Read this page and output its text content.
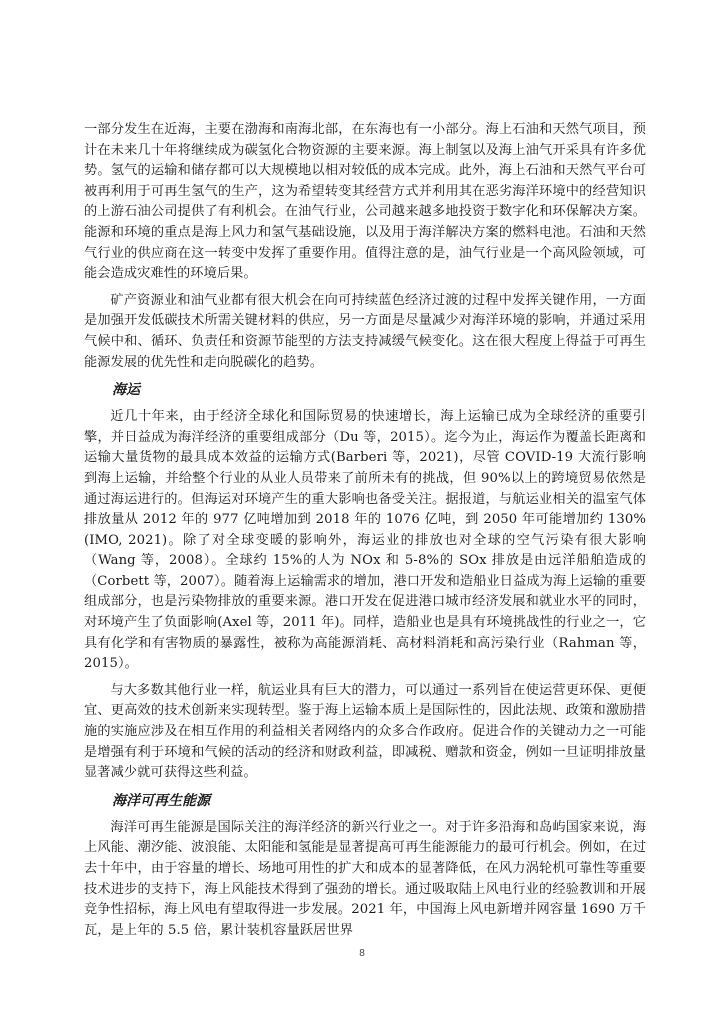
一部分发生在近海，主要在渤海和南海北部，在东海也有一小部分。海上石油和天然气项目，预计在未来几十年将继续成为碳氢化合物资源的主要来源。海上制氢以及海上油气开采具有许多优势。氢气的运输和储存都可以大规模地以相对较低的成本完成。此外，海上石油和天然气平台可被再利用于可再生氢气的生产，这为希望转变其经营方式并利用其在恶劣海洋环境中的经营知识的上游石油公司提供了有利机会。在油气行业，公司越来越多地投资于数字化和环保解决方案。能源和环境的重点是海上风力和氢气基础设施，以及用于海洋解决方案的燃料电池。石油和天然气行业的供应商在这一转变中发挥了重要作用。值得注意的是，油气行业是一个高风险领域，可能会造成灾难性的环境后果。

矿产资源业和油气业都有很大机会在向可持续蓝色经济过渡的过程中发挥关键作用，一方面是加强开发低碳技术所需关键材料的供应，另一方面是尽量减少对海洋环境的影响，并通过采用气候中和、循环、负责任和资源节能型的方法支持减缓气候变化。这在很大程度上得益于可再生能源发展的优先性和走向脱碳化的趋势。

海运

近几十年来，由于经济全球化和国际贸易的快速增长，海上运输已成为全球经济的重要引擎，并日益成为海洋经济的重要组成部分（Du 等，2015）。迄今为止，海运作为覆盖长距离和运输大量货物的最具成本效益的运输方式(Barberi 等，2021)，尽管 COVID-19 大流行影响到海上运输，并给整个行业的从业人员带来了前所未有的挑战，但 90%以上的跨境贸易依然是通过海运进行的。但海运对环境产生的重大影响也备受关注。据报道，与航运业相关的温室气体排放量从 2012 年的 977 亿吨增加到 2018 年的 1076 亿吨，到 2050 年可能增加约 130% (IMO, 2021)。除了对全球变暖的影响外，海运业的排放也对全球的空气污染有很大影响（Wang 等，2008）。全球约 15%的人为 NOx 和 5-8%的 SOx 排放是由远洋船舶造成的（Corbett 等，2007）。随着海上运输需求的增加，港口开发和造船业日益成为海上运输的重要组成部分，也是污染物排放的重要来源。港口开发在促进港口城市经济发展和就业水平的同时，对环境产生了负面影响(Axel 等，2011 年)。同样，造船业也是具有环境挑战性的行业之一，它具有化学和有害物质的暴露性，被称为高能源消耗、高材料消耗和高污染行业（Rahman 等，2015）。

与大多数其他行业一样，航运业具有巨大的潜力，可以通过一系列旨在使运营更环保、更便宜、更高效的技术创新来实现转型。鉴于海上运输本质上是国际性的，因此法规、政策和激励措施的实施应涉及在相互作用的利益相关者网络内的众多合作政府。促进合作的关键动力之一可能是增强有利于环境和气候的活动的经济和财政利益，即减税、赠款和资金，例如一旦证明排放量显著减少就可获得这些利益。

海洋可再生能源

海洋可再生能源是国际关注的海洋经济的新兴行业之一。对于许多沿海和岛屿国家来说，海上风能、潮汐能、波浪能、太阳能和氢能是显著提高可再生能源能力的最可行机会。例如，在过去十年中，由于容量的增长、场地可用性的扩大和成本的显著降低，在风力涡轮机可靠性等重要技术进步的支持下，海上风能技术得到了强劲的增长。通过吸取陆上风电行业的经验教训和开展竞争性招标，海上风电有望取得进一步发展。2021 年，中国海上风电新增并网容量 1690 万千瓦，是上年的 5.5 倍，累计装机容量跃居世界

8
